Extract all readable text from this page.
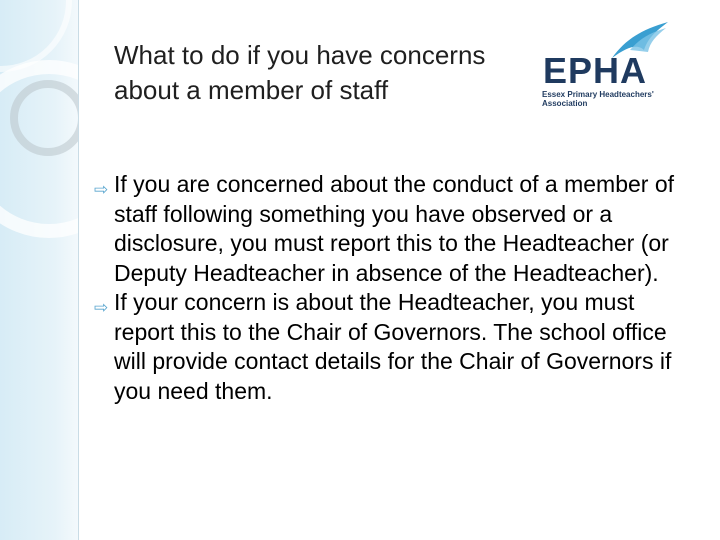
What to do if you have concerns about a member of staff	EPHA
Essex Primary Headteachers' Association

⇨ If you are concerned about the conduct of a member of staff following something you have observed or a disclosure, you must report this to the Headteacher (or Deputy Headteacher in absence of the Headteacher).

⇨ If your concern is about the Headteacher, you must report this to the Chair of Governors. The school office will provide contact details for the Chair of Governors if you need them.
